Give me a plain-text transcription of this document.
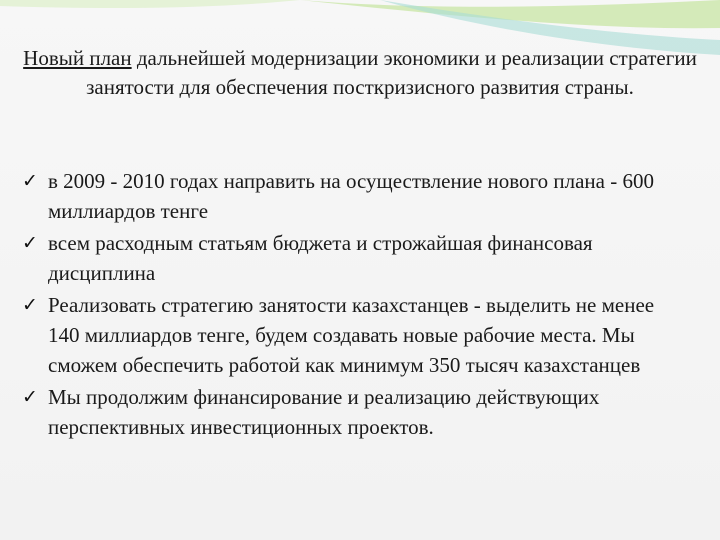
Новый план дальнейшей модернизации экономики и реализации стратегии занятости для обеспечения посткризисного развития страны.
✓ в 2009 - 2010 годах направить на осуществление нового плана - 600 миллиардов тенге
✓ всем расходным статьям бюджета и строжайшая финансовая дисциплина
✓ Реализовать стратегию занятости казахстанцев - выделить не менее 140 миллиардов тенге, будем создавать новые рабочие места. Мы сможем обеспечить работой как минимум 350 тысяч казахстанцев
✓ Мы продолжим финансирование и реализацию действующих перспективных инвестиционных проектов.
